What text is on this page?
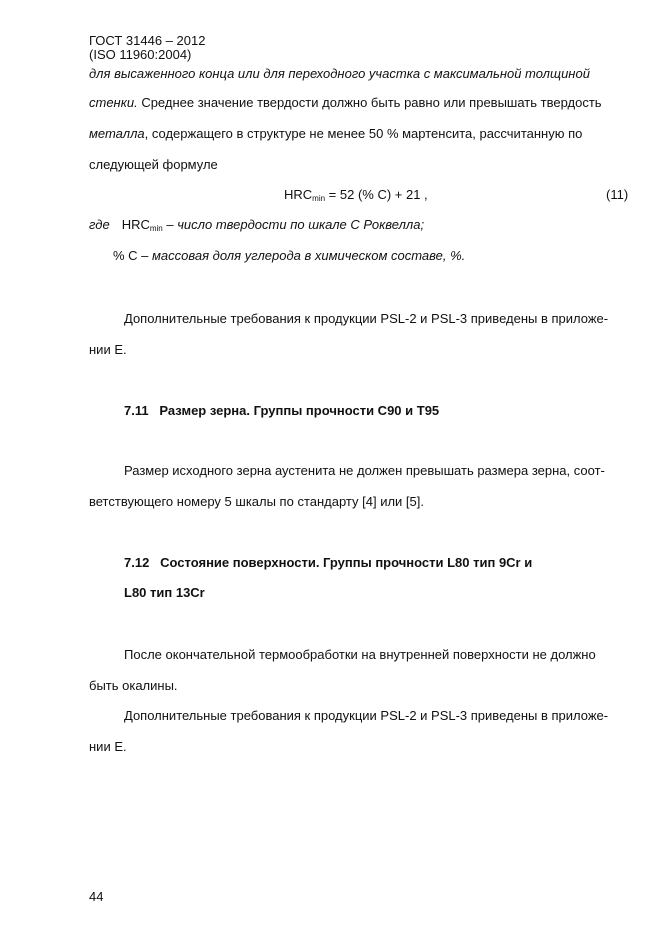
ГОСТ 31446 – 2012
(ISO 11960:2004)
для высаженного конца или для переходного участка с максимальной толщиной
стенки. Среднее значение твердости должно быть равно или превышать твердость
металла, содержащего в структуре не менее 50 % мартенсита, рассчитанную по
следующей формуле
$HRC_{min} = 52$ (% C) + 21 ,	(11)
где $HRC_{min}$ – число твердости по шкале С Роквелла;
% С – массовая доля углерода в химическом составе, %.
Дополнительные требования к продукции PSL-2 и PSL-3 приведены в приложе-
нии Е.
7.11   Размер зерна. Группы прочности С90 и Т95
Размер исходного зерна аустенита не должен превышать размера зерна, соот-
ветствующего номеру 5 шкалы по стандарту [4] или [5].
7.12   Состояние поверхности. Группы прочности L80 тип 9Cr и
L80 тип 13Cr
После окончательной термообработки на внутренней поверхности не должно
быть окалины.
Дополнительные требования к продукции PSL-2 и PSL-3 приведены в приложе-
нии Е.
44
